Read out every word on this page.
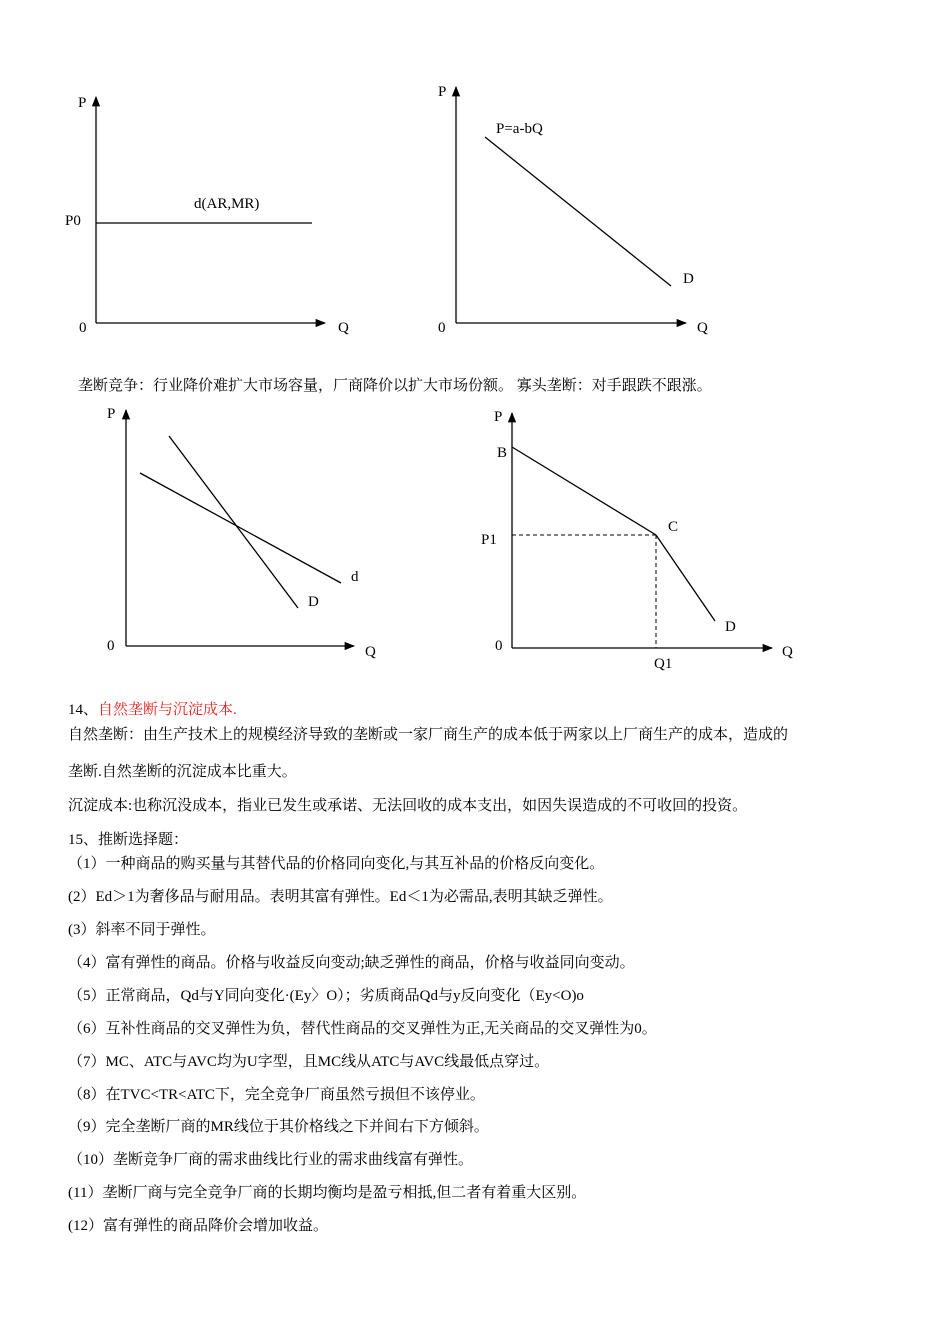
P
P0
d(AR,MR)
0	Q
P
P=a-bQ
D
0	Q
P
d
D
0	Q
P
B
C
P1
D
0
Q1
Q
垄断竞争：行业降价难扩大市场容量，厂商降价以扩大市场份额。 寡头垄断：对手跟跌不跟涨。
14、自然垄断与沉淀成本.
自然垄断：由生产技术上的规模经济导致的垄断或一家厂商生产的成本低于两家以上厂商生产的成本，造成的
垄断.自然垄断的沉淀成本比重大。
沉淀成本:也称沉没成本，指业已发生或承诺、无法回收的成本支出，如因失误造成的不可收回的投资。
15、推断选择题：
（1）一种商品的购买量与其替代品的价格同向变化,与其互补品的价格反向变化。
(2）Ed＞1为奢侈品与耐用品。表明其富有弹性。Ed＜1为必需品,表明其缺乏弹性。
(3）斜率不同于弹性。
（4）富有弹性的商品。价格与收益反向变动;缺乏弹性的商品，价格与收益同向变动。
（5）正常商品，Qd与Y同向变化·(Ey〉O）；劣质商品Qd与y反向变化（Ey<O)o
（6）互补性商品的交叉弹性为负，替代性商品的交叉弹性为正,无关商品的交叉弹性为0。
（7）MC、ATC与AVC均为U字型，且MC线从ATC与AVC线最低点穿过。
（8）在TVC<TR<ATC下，完全竞争厂商虽然亏损但不该停业。
（9）完全垄断厂商的MR线位于其价格线之下并间右下方倾斜。
（10）垄断竞争厂商的需求曲线比行业的需求曲线富有弹性。
(11）垄断厂商与完全竞争厂商的长期均衡均是盈亏相抵,但二者有着重大区别。
(12）富有弹性的商品降价会增加收益。
